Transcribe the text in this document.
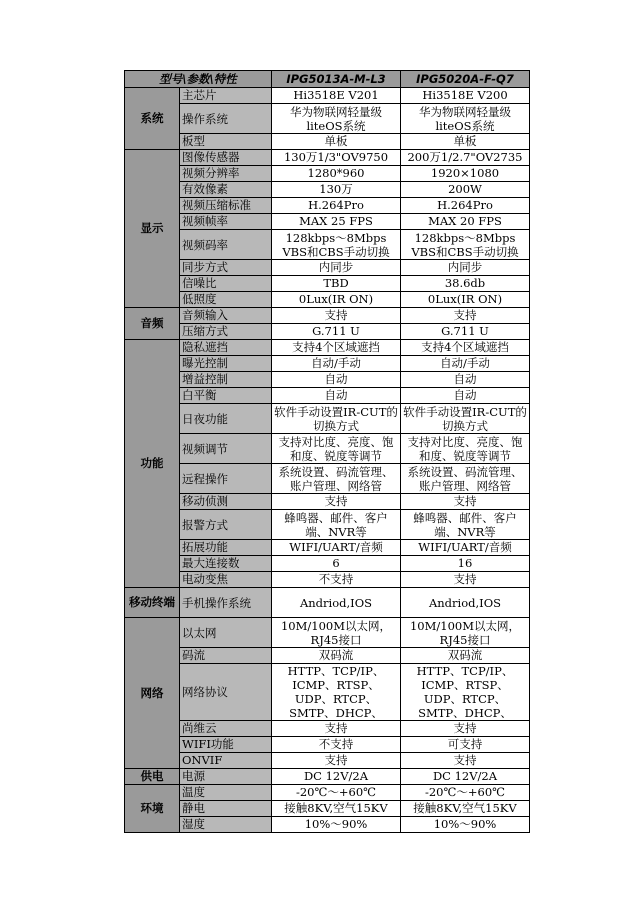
型号\参数\特性		IPG5013A-M-L3	IPG5020A-F-Q7
系统	主芯片	Hi3518E V201	Hi3518E V200
	操作系统	华为物联网轻量级liteOS系统	华为物联网轻量级liteOS系统
	板型	单板	单板
显示	图像传感器	130万1/3"OV9750	200万1/2.7"OV2735
	视频分辨率	1280*960	1920×1080
	有效像素	130万	200W
	视频压缩标准	H.264Pro	H.264Pro
	视频帧率	MAX 25 FPS	MAX 20 FPS
	视频码率	128kbps～8Mbps VBS和CBS手动切换	128kbps～8Mbps VBS和CBS手动切换
	同步方式	内同步	内同步
	信噪比	TBD	38.6db
	低照度	0Lux(IR ON)	0Lux(IR ON)
音频	音频输入	支持	支持
	压缩方式	G.711 U	G.711 U
功能	隐私遮挡	支持4个区域遮挡	支持4个区域遮挡
	曝光控制	自动/手动	自动/手动
	增益控制	自动	自动
	白平衡	自动	自动
	日夜功能	软件手动设置IR-CUT的切换方式	软件手动设置IR-CUT的切换方式
	视频调节	支持对比度、亮度、饱和度、锐度等调节	支持对比度、亮度、饱和度、锐度等调节
	远程操作	系统设置、码流管理、账户管理、网络管	系统设置、码流管理、账户管理、网络管
	移动侦测	支持	支持
	报警方式	蜂鸣器、邮件、客户端、NVR等	蜂鸣器、邮件、客户端、NVR等
	拓展功能	WIFI/UART/音频	WIFI/UART/音频
	最大连接数	6	16
	电动变焦	不支持	支持
移动终端	手机操作系统	Andriod,IOS	Andriod,IOS
网络	以太网	10M/100M以太网，RJ45接口	10M/100M以太网，RJ45接口
	码流	双码流	双码流
	网络协议	HTTP、TCP/IP、ICMP、RTSP、UDP、RTCP、SMTP、DHCP、	HTTP、TCP/IP、ICMP、RTSP、UDP、RTCP、SMTP、DHCP、
	尚维云	支持	支持
	WIFI功能	不支持	可支持
	ONVIF	支持	支持
供电	电源	DC 12V/2A	DC 12V/2A
环境	温度	-20℃～+60℃	-20℃～+60℃
	静电	接触8KV,空气15KV	接触8KV,空气15KV
	湿度	10%～90%	10%～90%
